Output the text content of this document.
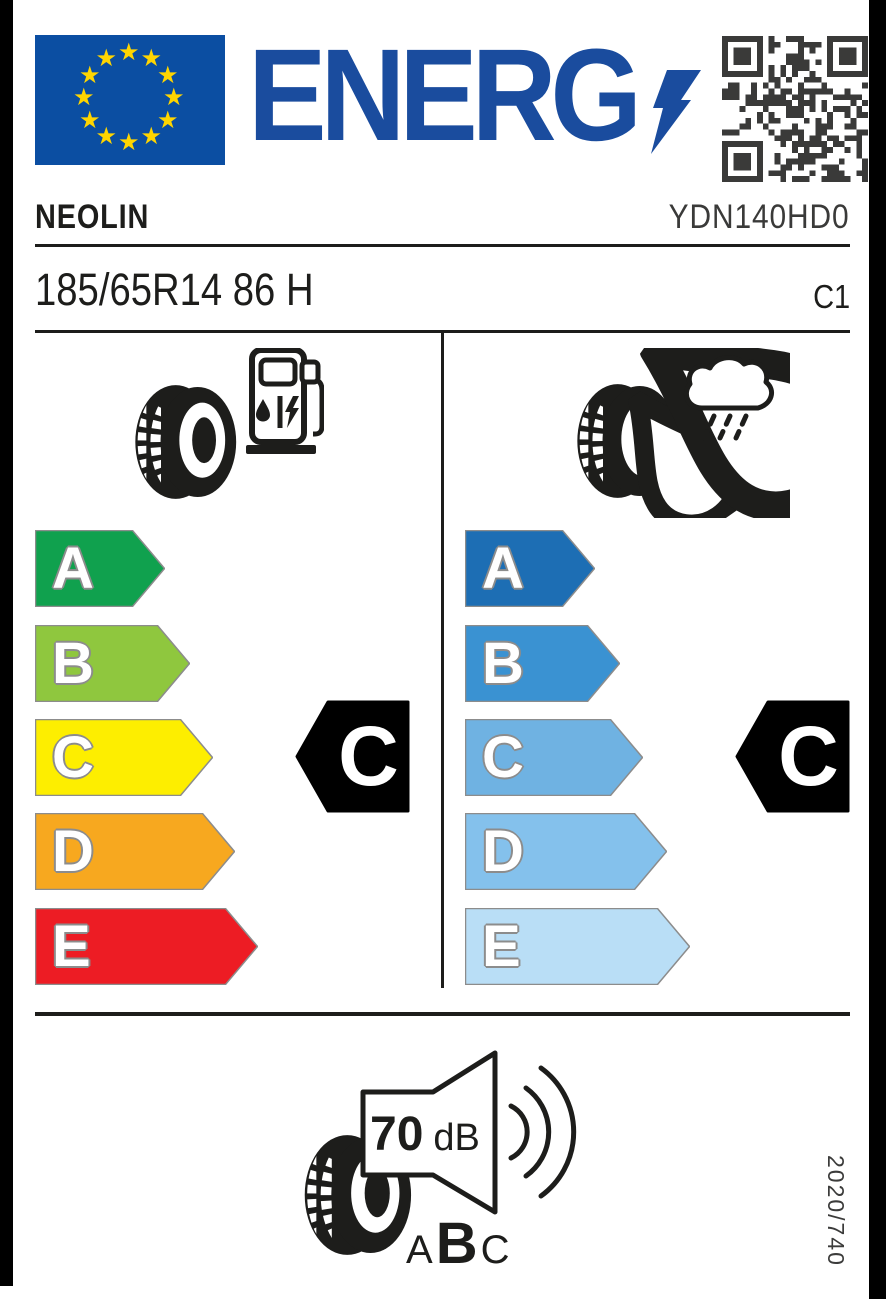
★ ★
★
★
★
★
★
★
★
★
★
★ ENERG
NEOLIN	YDN140HD0
185/65R14 86 H	C1
A
B
C
D
E
C
A
B
C
D
E
C
70 dB
A B C	2020/740
